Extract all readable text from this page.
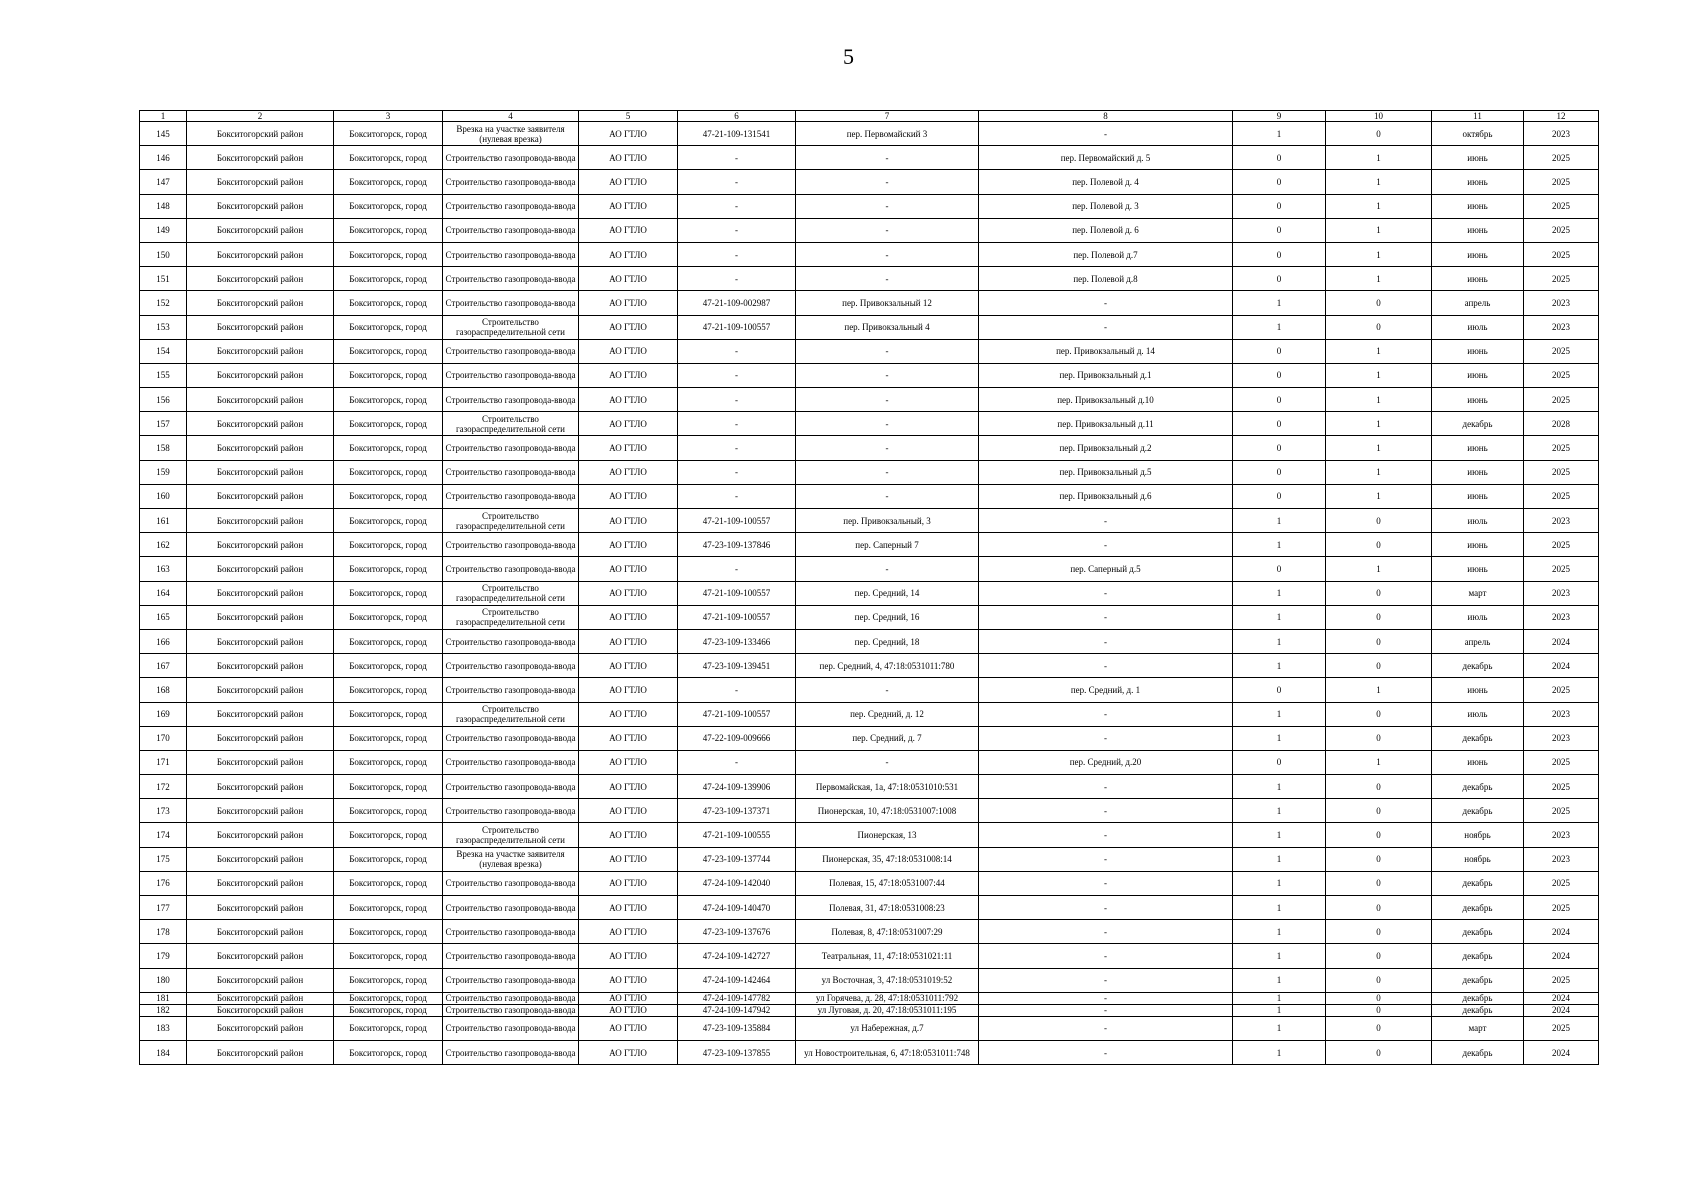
5
1	2	3	4	5	6	7	8	9	10	11	12
145	Бокситогорский район	Бокситогорск, город	Врезка на участке заявителя (нулевая врезка)	АО ГТЛО	47-21-109-131541	пер. Первомайский 3	-	1	0	октябрь	2023
146	Бокситогорский район	Бокситогорск, город	Строительство газопровода-ввода	АО ГТЛО	-	-	пер. Первомайский д. 5	0	1	июнь	2025
147	Бокситогорский район	Бокситогорск, город	Строительство газопровода-ввода	АО ГТЛО	-	-	пер. Полевой д. 4	0	1	июнь	2025
148	Бокситогорский район	Бокситогорск, город	Строительство газопровода-ввода	АО ГТЛО	-	-	пер. Полевой д. 3	0	1	июнь	2025
149	Бокситогорский район	Бокситогорск, город	Строительство газопровода-ввода	АО ГТЛО	-	-	пер. Полевой д. 6	0	1	июнь	2025
150	Бокситогорский район	Бокситогорск, город	Строительство газопровода-ввода	АО ГТЛО	-	-	пер. Полевой д.7	0	1	июнь	2025
151	Бокситогорский район	Бокситогорск, город	Строительство газопровода-ввода	АО ГТЛО	-	-	пер. Полевой д.8	0	1	июнь	2025
152	Бокситогорский район	Бокситогорск, город	Строительство газопровода-ввода	АО ГТЛО	47-21-109-002987	пер. Привокзальный 12	-	1	0	апрель	2023
153	Бокситогорский район	Бокситогорск, город	Строительство газораспределительной сети	АО ГТЛО	47-21-109-100557	пер. Привокзальный 4	-	1	0	июль	2023
154	Бокситогорский район	Бокситогорск, город	Строительство газопровода-ввода	АО ГТЛО	-	-	пер. Привокзальный д. 14	0	1	июнь	2025
155	Бокситогорский район	Бокситогорск, город	Строительство газопровода-ввода	АО ГТЛО	-	-	пер. Привокзальный д.1	0	1	июнь	2025
156	Бокситогорский район	Бокситогорск, город	Строительство газопровода-ввода	АО ГТЛО	-	-	пер. Привокзальный д.10	0	1	июнь	2025
157	Бокситогорский район	Бокситогорск, город	Строительство газораспределительной сети	АО ГТЛО	-	-	пер. Привокзальный д.11	0	1	декабрь	2028
158	Бокситогорский район	Бокситогорск, город	Строительство газопровода-ввода	АО ГТЛО	-	-	пер. Привокзальный д.2	0	1	июнь	2025
159	Бокситогорский район	Бокситогорск, город	Строительство газопровода-ввода	АО ГТЛО	-	-	пер. Привокзальный д.5	0	1	июнь	2025
160	Бокситогорский район	Бокситогорск, город	Строительство газопровода-ввода	АО ГТЛО	-	-	пер. Привокзальный д.6	0	1	июнь	2025
161	Бокситогорский район	Бокситогорск, город	Строительство газораспределительной сети	АО ГТЛО	47-21-109-100557	пер. Привокзальный, 3	-	1	0	июль	2023
162	Бокситогорский район	Бокситогорск, город	Строительство газопровода-ввода	АО ГТЛО	47-23-109-137846	пер. Саперный 7	-	1	0	июнь	2025
163	Бокситогорский район	Бокситогорск, город	Строительство газопровода-ввода	АО ГТЛО	-	-	пер. Саперный д.5	0	1	июнь	2025
164	Бокситогорский район	Бокситогорск, город	Строительство газораспределительной сети	АО ГТЛО	47-21-109-100557	пер. Средний, 14	-	1	0	март	2023
165	Бокситогорский район	Бокситогорск, город	Строительство газораспределительной сети	АО ГТЛО	47-21-109-100557	пер. Средний, 16	-	1	0	июль	2023
166	Бокситогорский район	Бокситогорск, город	Строительство газопровода-ввода	АО ГТЛО	47-23-109-133466	пер. Средний, 18	-	1	0	апрель	2024
167	Бокситогорский район	Бокситогорск, город	Строительство газопровода-ввода	АО ГТЛО	47-23-109-139451	пер. Средний, 4, 47:18:0531011:780	-	1	0	декабрь	2024
168	Бокситогорский район	Бокситогорск, город	Строительство газопровода-ввода	АО ГТЛО	-	-	пер. Средний, д. 1	0	1	июнь	2025
169	Бокситогорский район	Бокситогорск, город	Строительство газораспределительной сети	АО ГТЛО	47-21-109-100557	пер. Средний, д. 12	-	1	0	июль	2023
170	Бокситогорский район	Бокситогорск, город	Строительство газопровода-ввода	АО ГТЛО	47-22-109-009666	пер. Средний, д. 7	-	1	0	декабрь	2023
171	Бокситогорский район	Бокситогорск, город	Строительство газопровода-ввода	АО ГТЛО	-	-	пер. Средний, д.20	0	1	июнь	2025
172	Бокситогорский район	Бокситогорск, город	Строительство газопровода-ввода	АО ГТЛО	47-24-109-139906	Первомайская, 1а, 47:18:0531010:531	-	1	0	декабрь	2025
173	Бокситогорский район	Бокситогорск, город	Строительство газопровода-ввода	АО ГТЛО	47-23-109-137371	Пионерская, 10, 47:18:0531007:1008	-	1	0	декабрь	2025
174	Бокситогорский район	Бокситогорск, город	Строительство газораспределительной сети	АО ГТЛО	47-21-109-100555	Пионерская, 13	-	1	0	ноябрь	2023
175	Бокситогорский район	Бокситогорск, город	Врезка на участке заявителя (нулевая врезка)	АО ГТЛО	47-23-109-137744	Пионерская, 35, 47:18:0531008:14	-	1	0	ноябрь	2023
176	Бокситогорский район	Бокситогорск, город	Строительство газопровода-ввода	АО ГТЛО	47-24-109-142040	Полевая, 15, 47:18:0531007:44	-	1	0	декабрь	2025
177	Бокситогорский район	Бокситогорск, город	Строительство газопровода-ввода	АО ГТЛО	47-24-109-140470	Полевая, 31, 47:18:0531008:23	-	1	0	декабрь	2025
178	Бокситогорский район	Бокситогорск, город	Строительство газопровода-ввода	АО ГТЛО	47-23-109-137676	Полевая, 8, 47:18:0531007:29	-	1	0	декабрь	2024
179	Бокситогорский район	Бокситогорск, город	Строительство газопровода-ввода	АО ГТЛО	47-24-109-142727	Театральная, 11, 47:18:0531021:11	-	1	0	декабрь	2024
180	Бокситогорский район	Бокситогорск, город	Строительство газопровода-ввода	АО ГТЛО	47-24-109-142464	ул Восточная, 3, 47:18:0531019:52	-	1	0	декабрь	2025
181	Бокситогорский район	Бокситогорск, город	Строительство газопровода-ввода	АО ГТЛО	47-24-109-147782	ул Горячева, д. 28, 47:18:0531011:792	-	1	0	декабрь	2024
182	Бокситогорский район	Бокситогорск, город	Строительство газопровода-ввода	АО ГТЛО	47-24-109-147942	ул Луговая, д. 20, 47:18:0531011:195	-	1	0	декабрь	2024
183	Бокситогорский район	Бокситогорск, город	Строительство газопровода-ввода	АО ГТЛО	47-23-109-135884	ул Набережная, д.7	-	1	0	март	2025
184	Бокситогорский район	Бокситогорск, город	Строительство газопровода-ввода	АО ГТЛО	47-23-109-137855	ул Новостроительная, 6, 47:18:0531011:748	-	1	0	декабрь	2024
